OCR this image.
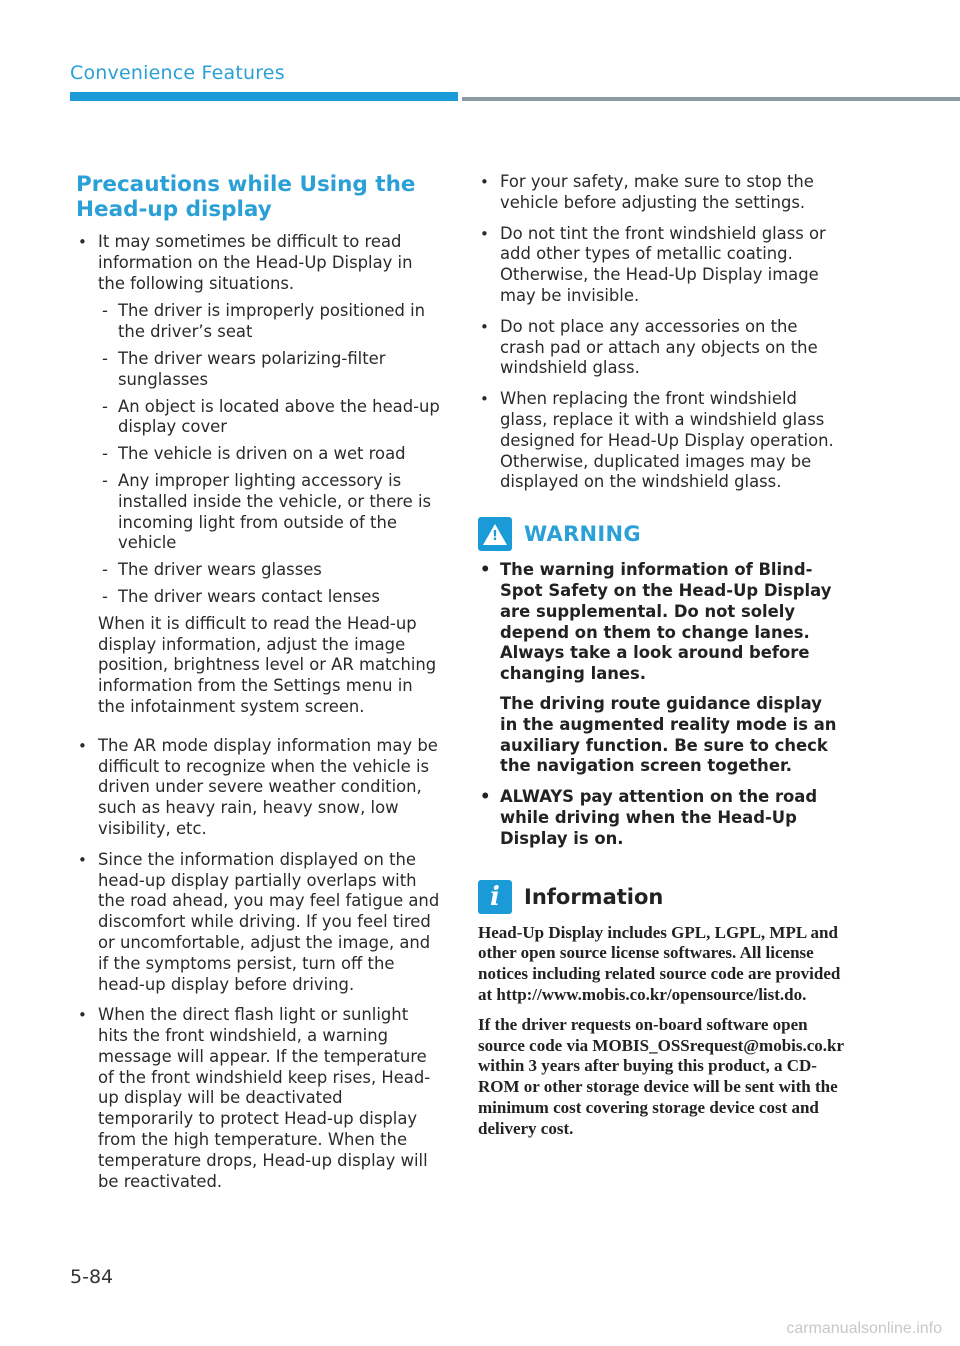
Convenience Features
Precautions while Using the
Head-up display
• It may sometimes be difficult to read information on the Head-Up Display in the following situations.
- The driver is improperly positioned in the driver’s seat
- The driver wears polarizing-filter sunglasses
- An object is located above the head-up display cover
- The vehicle is driven on a wet road
- Any improper lighting accessory is installed inside the vehicle, or there is incoming light from outside of the vehicle
- The driver wears glasses
- The driver wears contact lenses

When it is difficult to read the Head-up display information, adjust the image position, brightness level or AR matching information from the Settings menu in the infotainment system screen.

• The AR mode display information may be difficult to recognize when the vehicle is driven under severe weather condition, such as heavy rain, heavy snow, low visibility, etc.
• Since the information displayed on the head-up display partially overlaps with the road ahead, you may feel fatigue and discomfort while driving. If you feel tired or uncomfortable, adjust the image, and if the symptoms persist, turn off the head-up display before driving.
• When the direct flash light or sunlight hits the front windshield, a warning message will appear. If the temperature of the front windshield keep rises, Head-up display will be deactivated temporarily to protect Head-up display from the high temperature. When the temperature drops, Head-up display will be reactivated.
• For your safety, make sure to stop the vehicle before adjusting the settings.
• Do not tint the front windshield glass or add other types of metallic coating. Otherwise, the Head-Up Display image may be invisible.
• Do not place any accessories on the crash pad or attach any objects on the windshield glass.
• When replacing the front windshield glass, replace it with a windshield glass designed for Head-Up Display operation. Otherwise, duplicated images may be displayed on the windshield glass.
! WARNING
• The warning information of Blind-Spot Safety on the Head-Up Display are supplemental. Do not solely depend on them to change lanes. Always take a look around before changing lanes.
The driving route guidance display in the augmented reality mode is an auxiliary function. Be sure to check the navigation screen together.
• ALWAYS pay attention on the road while driving when the Head-Up Display is on.
i	Information

Head-Up Display includes GPL, LGPL, MPL and other open source license softwares. All license notices including related source code are provided at http://www.mobis.co.kr/opensource/list.do.

If the driver requests on-board software open source code via MOBIS_OSSrequest@mobis.co.kr within 3 years after buying this product, a CD-ROM or other storage device will be sent with the minimum cost covering storage device cost and delivery cost.

5-84
carmanualsonline.info
